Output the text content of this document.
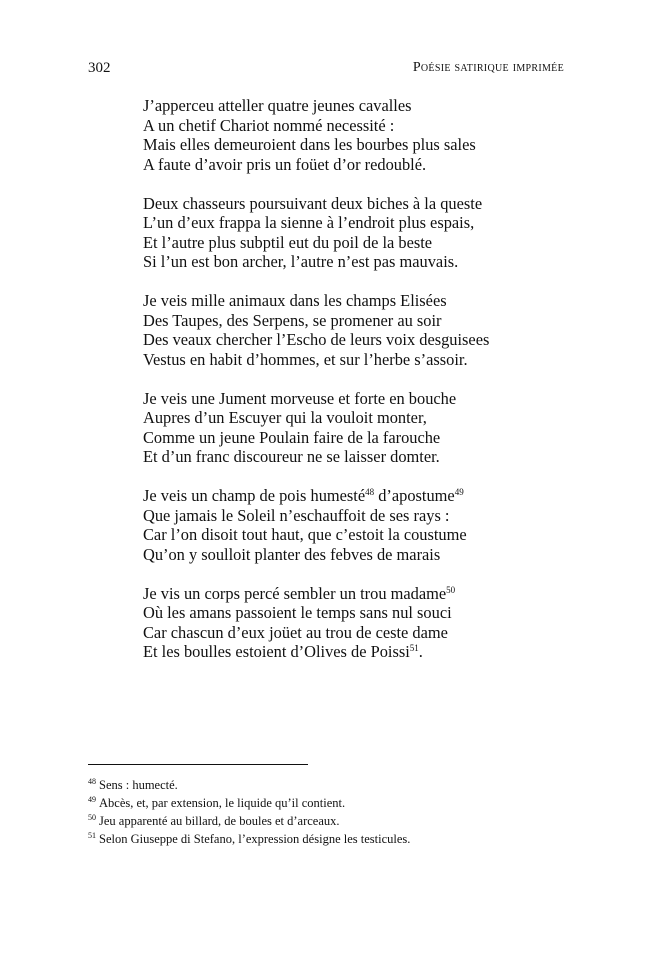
302	Poésie satirique imprimée
J’apperceu atteller quatre jeunes cavalles
A un chetif Chariot nommé necessité :
Mais elles demeuroient dans les bourbes plus sales
A faute d’avoir pris un foüet d’or redoublé.
Deux chasseurs poursuivant deux biches à la queste
L’un d’eux frappa la sienne à l’endroit plus espais,
Et l’autre plus subptil eut du poil de la beste
Si l’un est bon archer, l’autre n’est pas mauvais.
Je veis mille animaux dans les champs Elisées
Des Taupes, des Serpens, se promener au soir
Des veaux chercher l’Escho de leurs voix desguisees
Vestus en habit d’hommes, et sur l’herbe s’assoir.
Je veis une Jument morveuse et forte en bouche
Aupres d’un Escuyer qui la vouloit monter,
Comme un jeune Poulain faire de la farouche
Et d’un franc discoureur ne se laisser domter.
Je veis un champ de pois humesté$^{48}$ d’apostume$^{49}$
Que jamais le Soleil n’eschauffoit de ses rays :
Car l’on disoit tout haut, que c’estoit la coustume
Qu’on y soulloit planter des febves de marais
Je vis un corps percé sembler un trou madame$^{50}$
Où les amans passoient le temps sans nul souci
Car chascun d’eux joüet au trou de ceste dame
Et les boulles estoient d’Olives de Poissi$^{51}$.
$^{48}$ Sens : humecté.
$^{49}$ Abcès, et, par extension, le liquide qu’il contient.
$^{50}$ Jeu apparenté au billard, de boules et d’arceaux.
$^{51}$ Selon Giuseppe di Stefano, l’expression désigne les testicules.
